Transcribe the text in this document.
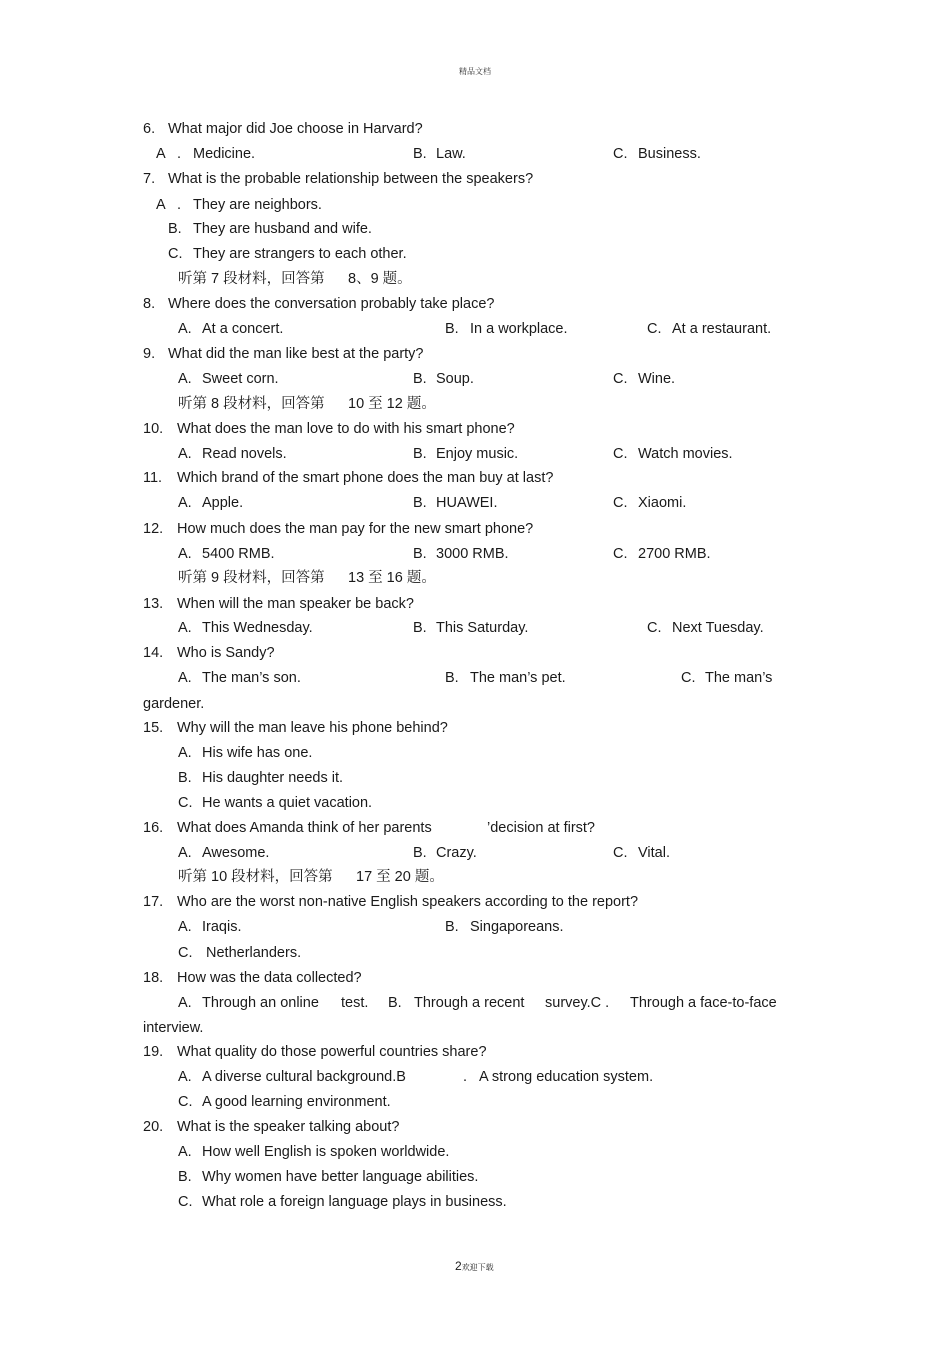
精品文档
6. What major did Joe choose in Harvard?
A . Medicine.	B. Law.	C. Business.
7. What is the probable relationship between the speakers?
A . They are neighbors.
B. They are husband and wife.
C. They are strangers to each other.
听第 7 段材料，回答第 8、9 题。
8. Where does the conversation probably take place?
A. At a concert.	B. In a workplace.	C. At a restaurant.
9. What did the man like best at the party?
A. Sweet corn.	B. Soup.	C. Wine.
听第 8 段材料，回答第 10 至 12 题。
10. What does the man love to do with his smart phone?
A. Read novels.	B. Enjoy music.	C. Watch movies.
11. Which brand of the smart phone does the man buy at last?
A. Apple.	B. HUAWEI.	C. Xiaomi.
12. How much does the man pay for the new smart phone?
A. 5400 RMB.	B. 3000 RMB.	C. 2700 RMB.
听第 9 段材料，回答第 13 至 16 题。
13. When will the man speaker be back?
A. This Wednesday.	B. This Saturday.	C. Next Tuesday.
14. Who is Sandy?
A. The man’s son.	B. The man’s pet.	C. The man’s
gardener.
15. Why will the man leave his phone behind?
A. His wife has one.
B. His daughter needs it.
C. He wants a quiet vacation.
16. What does Amanda think of her parents	’decision at first?
A. Awesome.	B. Crazy.	C. Vital.
听第 10 段材料，回答第 17 至 20 题。
17. Who are the worst non-native English speakers according to the report?
A. Iraqis.	B. Singaporeans.
C. Netherlanders.
18. How was the data collected?
A. Through an online test. B. Through a recent survey.C . Through a face-to-face
interview.
19. What quality do those powerful countries share?
A. A diverse cultural background.B	. A strong education system.
C. A good learning environment.
20. What is the speaker talking about?
A. How well English is spoken worldwide.
B. Why women have better language abilities.
C. What role a foreign language plays in business.
2欢迎下载
